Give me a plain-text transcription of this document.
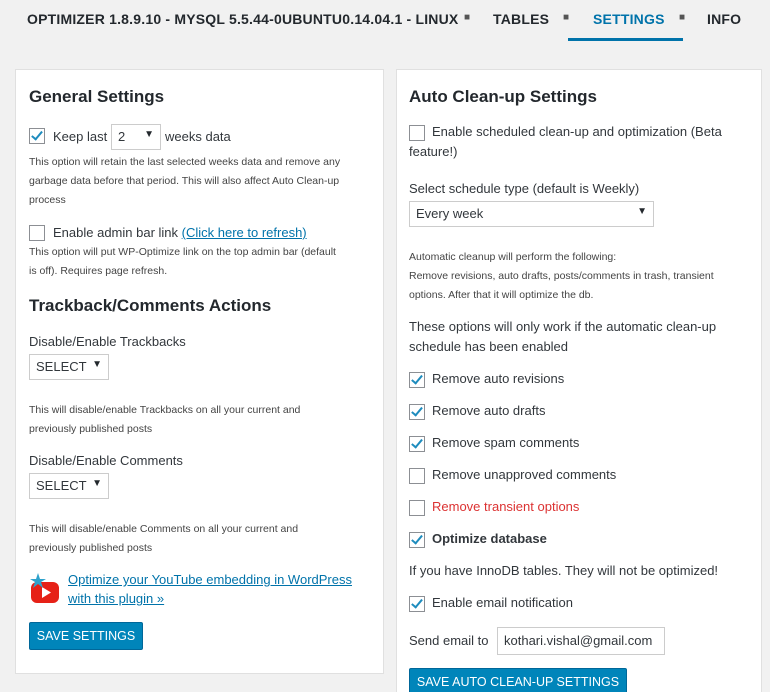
OPTIMIZER 1.8.9.10 - MYSQL 5.5.44-0UBUNTU0.14.04.1 - LINUX ■ TABLES ■ SETTINGS ■ INFO
General Settings
Keep last 2 ▼ weeks data
This option will retain the last selected weeks data and remove any
garbage data before that period. This will also affect Auto Clean-up
process
Enable admin bar link (Click here to refresh)
This option will put WP-Optimize link on the top admin bar (default
is off). Requires page refresh.
Trackback/Comments Actions
Disable/Enable Trackbacks
SELECT ▼
This will disable/enable Trackbacks on all your current and
previously published posts
Disable/Enable Comments
SELECT ▼
This will disable/enable Comments on all your current and
previously published posts
Optimize your YouTube embedding in WordPress
with this plugin »
SAVE SETTINGS
Auto Clean-up Settings
Enable scheduled clean-up and optimization (Beta
feature!)
Select schedule type (default is Weekly)
Every week	▼
Automatic cleanup will perform the following:
Remove revisions, auto drafts, posts/comments in trash, transient
options. After that it will optimize the db.
These options will only work if the automatic clean-up
schedule has been enabled
Remove auto revisions
Remove auto drafts
Remove spam comments
Remove unapproved comments
Remove transient options
Optimize database
If you have InnoDB tables. They will not be optimized!
Enable email notification
Send email to	kothari.vishal@gmail.com
SAVE AUTO CLEAN-UP SETTINGS
